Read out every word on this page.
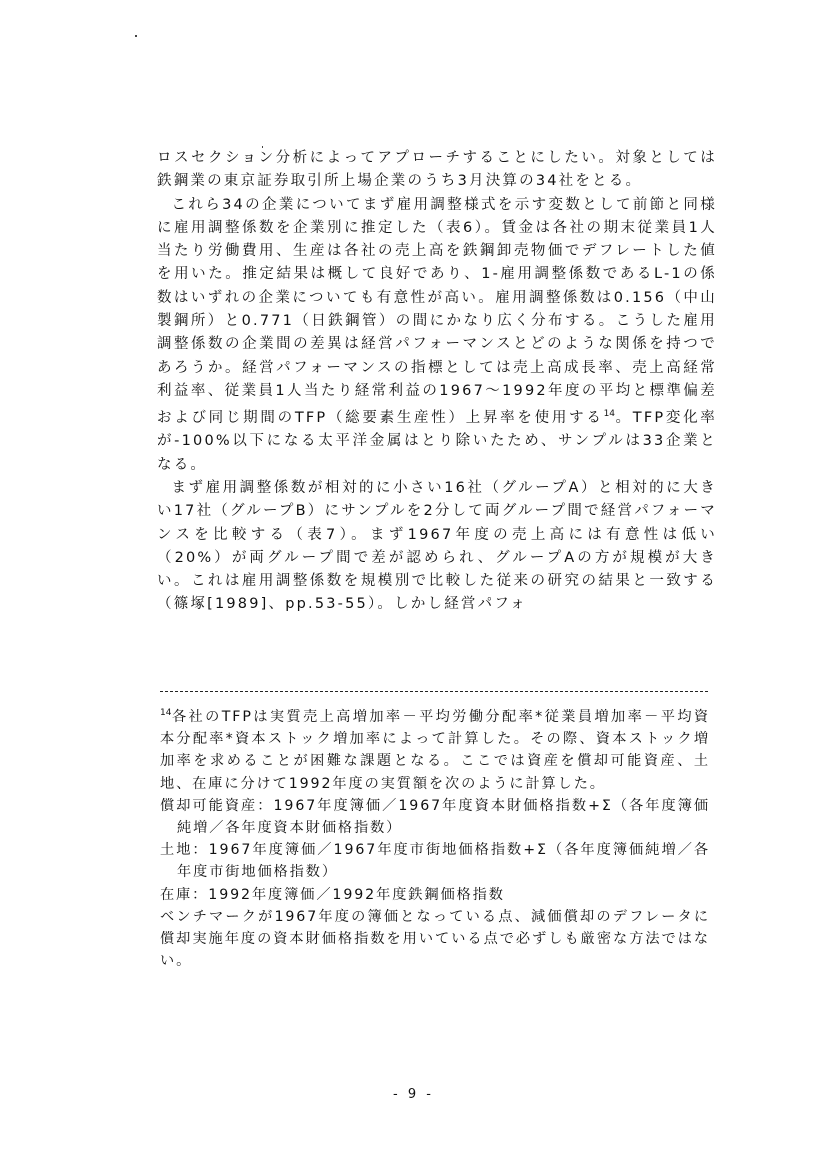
ロスセクション分析によってアプローチすることにしたい。対象としては鉄鋼業の東京証券取引所上場企業のうち3月決算の34社をとる。

これら34の企業についてまず雇用調整様式を示す変数として前節と同様に雇用調整係数を企業別に推定した（表6）。賃金は各社の期末従業員1人当たり労働費用、生産は各社の売上高を鉄鋼卸売物価でデフレートした値を用いた。推定結果は概して良好であり、1-雇用調整係数であるL-1の係数はいずれの企業についても有意性が高い。雇用調整係数は0.156（中山製鋼所）と0.771（日鉄鋼管）の間にかなり広く分布する。こうした雇用調整係数の企業間の差異は経営パフォーマンスとどのような関係を持つであろうか。経営パフォーマンスの指標としては売上高成長率、売上高経常利益率、従業員1人当たり経常利益の1967～1992年度の平均と標準偏差および同じ期間のTFP（総要素生産性）上昇率を使用する$^{14}$。TFP変化率が-100%以下になる太平洋金属はとり除いたため、サンプルは33企業となる。

まず雇用調整係数が相対的に小さい16社（グループA）と相対的に大きい17社（グループB）にサンプルを2分して両グループ間で経営パフォーマンスを比較する（表7）。まず1967年度の売上高には有意性は低い（20%）が両グループ間で差が認められ、グループAの方が規模が大きい。これは雇用調整係数を規模別で比較した従来の研究の結果と一致する（篠塚[1989]、pp.53-55）。しかし経営パフォ

$^{14}$各社のTFPは実質売上高増加率－平均労働分配率*従業員増加率－平均資本分配率*資本ストック増加率によって計算した。その際、資本ストック増加率を求めることが困難な課題となる。ここでは資産を償却可能資産、土地、在庫に分けて1992年度の実質額を次のように計算した。

償却可能資産：1967年度簿価／1967年度資本財価格指数+Σ（各年度簿価純増／各年度資本財価格指数）

土地：1967年度簿価／1967年度市街地価格指数+Σ（各年度簿価純増／各年度市街地価格指数）

在庫：1992年度簿価／1992年度鉄鋼価格指数

ベンチマークが1967年度の簿価となっている点、減価償却のデフレータに償却実施年度の資本財価格指数を用いている点で必ずしも厳密な方法ではない。

- 9 -
